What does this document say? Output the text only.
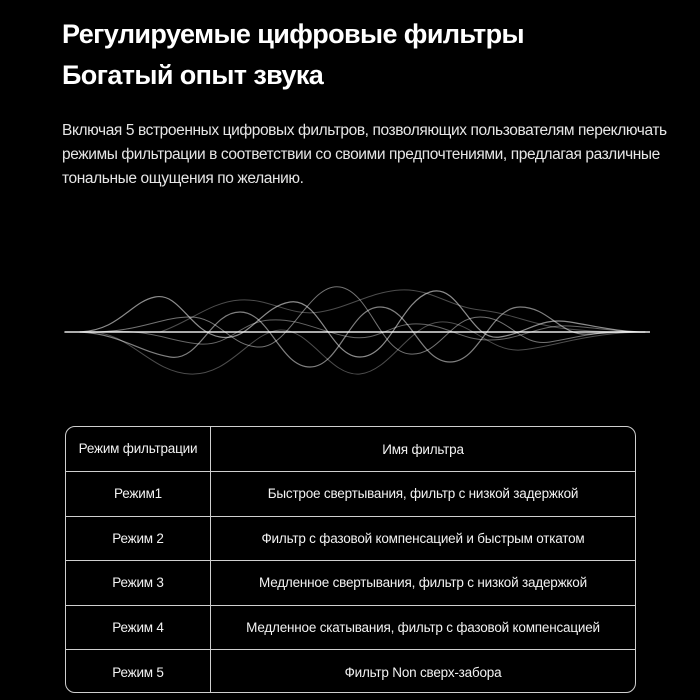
Регулируемые цифровые фильтры
Богатый опыт звука
Включая 5 встроенных цифровых фильтров, позволяющих пользователям переключать режимы фильтрации в соответствии со своими предпочтениями, предлагая различные тональные ощущения по желанию.
Режим фильтрации	Имя фильтра
Режим1	Быстрое свертывания, фильтр с низкой задержкой
Режим 2	Фильтр с фазовой компенсацией и быстрым откатом
Режим 3	Медленное свертывания, фильтр с низкой задержкой
Режим 4	Медленное скатывания, фильтр с фазовой компенсацией
Режим 5	Фильтр Non сверх-забора
